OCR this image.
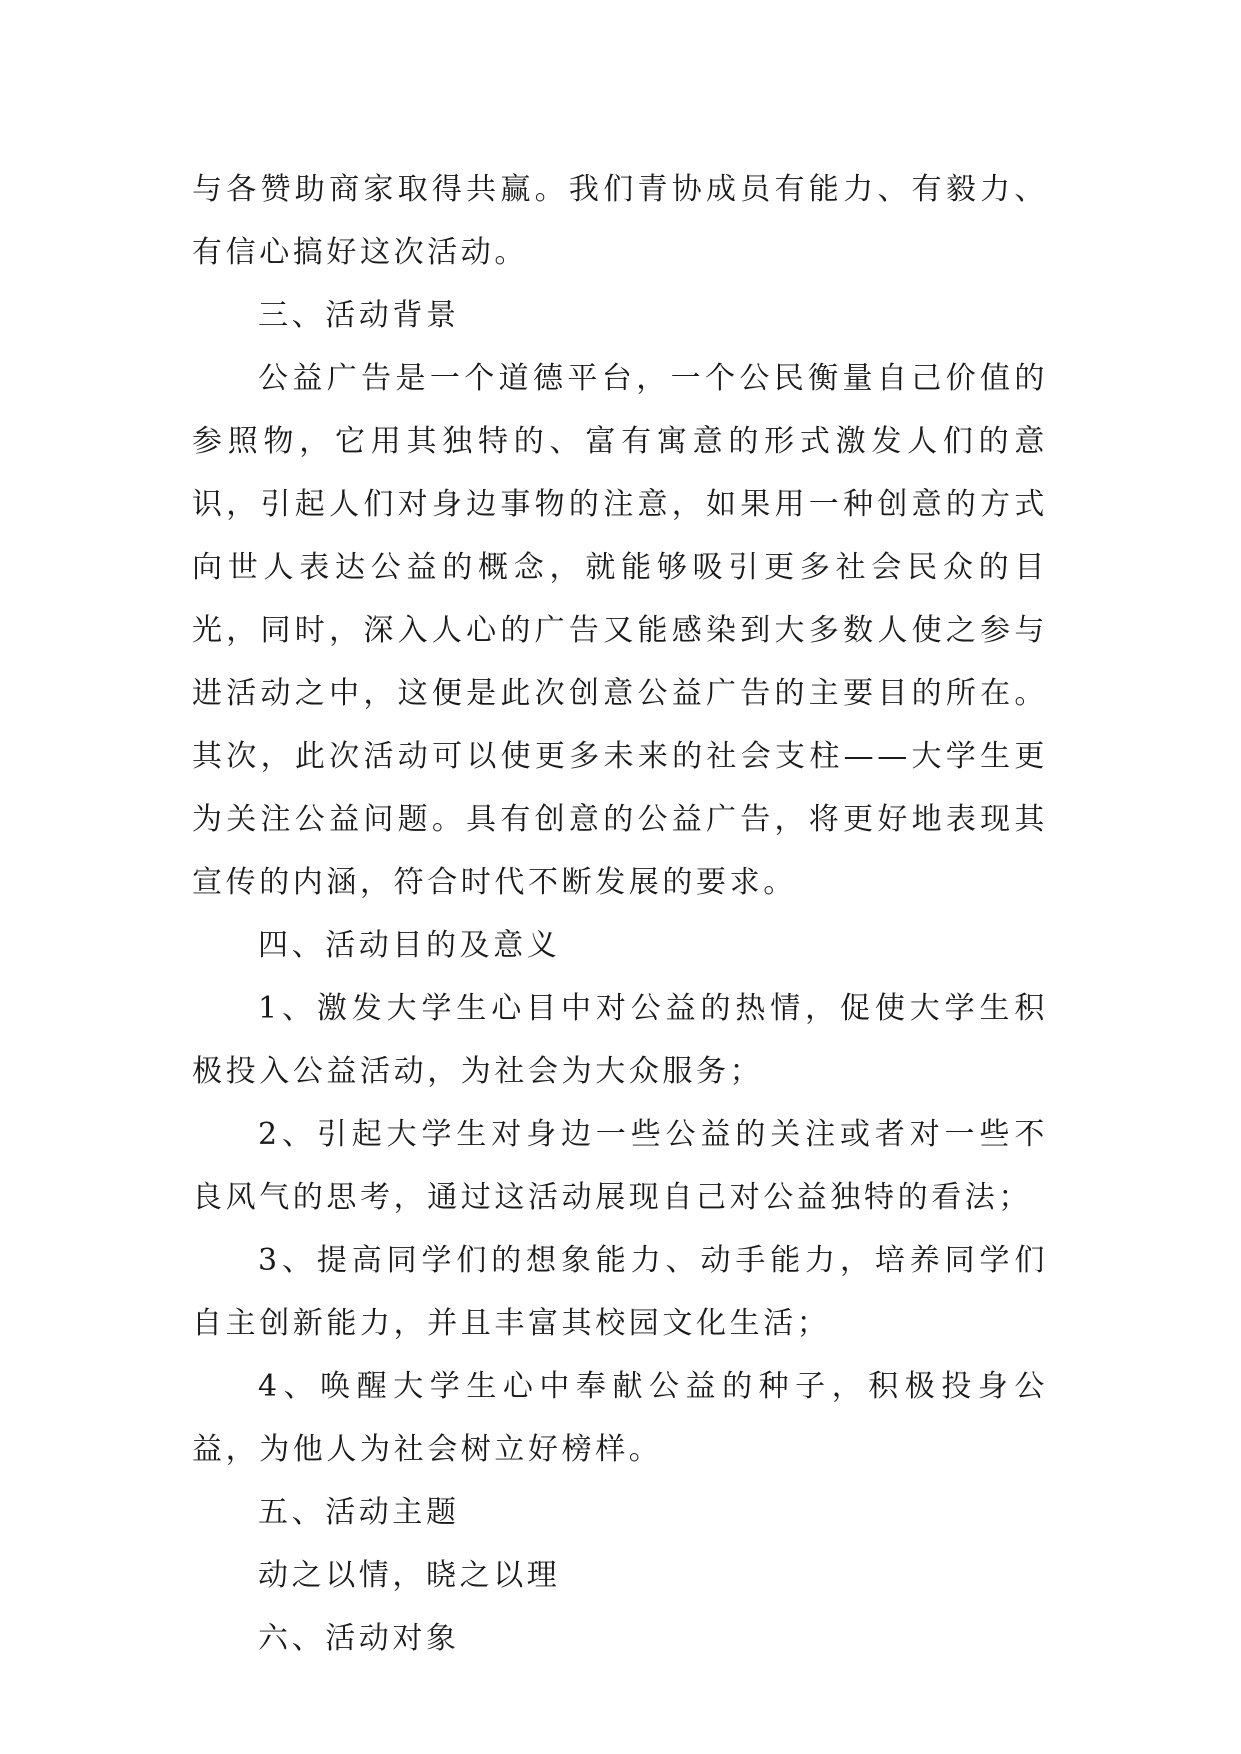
与各赞助商家取得共赢。我们青协成员有能力、有毅力、有信心搞好这次活动。

三、活动背景

公益广告是一个道德平台，一个公民衡量自己价值的参照物，它用其独特的、富有寓意的形式激发人们的意识，引起人们对身边事物的注意，如果用一种创意的方式向世人表达公益的概念，就能够吸引更多社会民众的目光，同时，深入人心的广告又能感染到大多数人使之参与进活动之中，这便是此次创意公益广告的主要目的所在。其次，此次活动可以使更多未来的社会支柱——大学生更为关注公益问题。具有创意的公益广告，将更好地表现其宣传的内涵，符合时代不断发展的要求。

四、活动目的及意义

1、激发大学生心目中对公益的热情，促使大学生积极投入公益活动，为社会为大众服务；

2、引起大学生对身边一些公益的关注或者对一些不良风气的思考，通过这活动展现自己对公益独特的看法；

3、提高同学们的想象能力、动手能力，培养同学们自主创新能力，并且丰富其校园文化生活；

4、唤醒大学生心中奉献公益的种子，积极投身公益，为他人为社会树立好榜样。

五、活动主题

动之以情，晓之以理

六、活动对象
